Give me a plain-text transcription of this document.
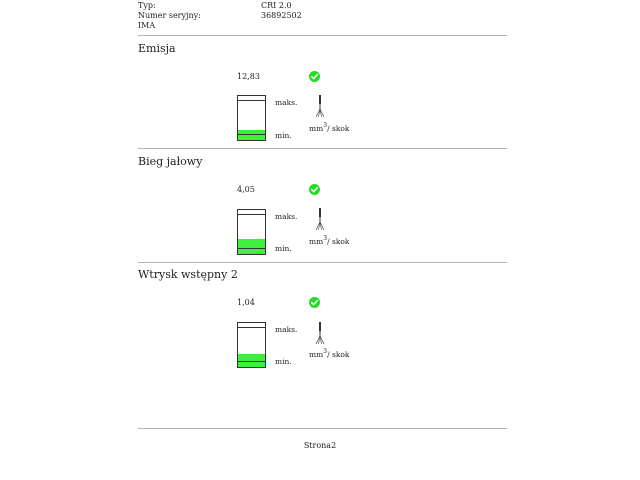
Typ:	CRI 2.0
Numer seryjny:	36892502
IMA
Emisja
12,83
maks.
min.
$mm^3/$ skok
Bieg jałowy
4,05
maks.
min.
$mm^3/$ skok
Wtrysk wstępny 2
1,04
maks.
min.
$mm^3/$ skok
Strona2
